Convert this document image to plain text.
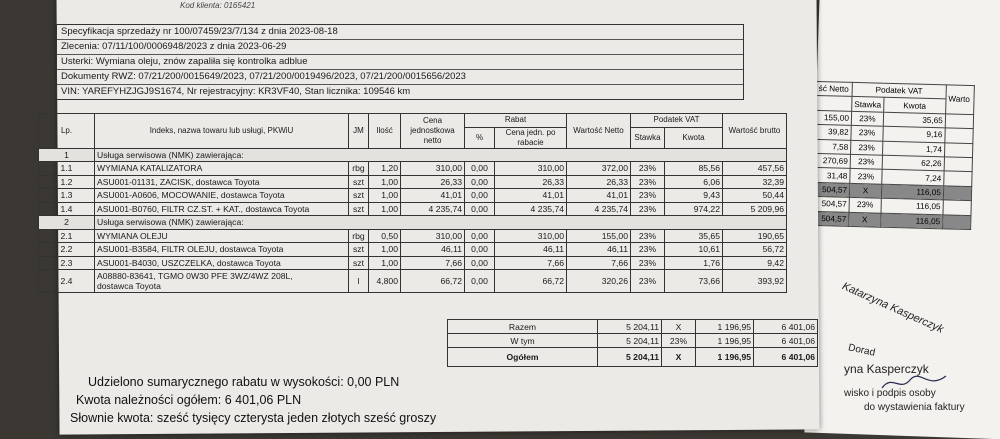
ść Netto	Podatek VAT		Warto
	Stawka	Kwota	
155,00	23%	35,65	
39,82	23%	9,16	
7,58	23%	1,74	
270,69	23%	62,26	
31,48	23%	7,24	
504,57	X	116,05	
504,57	23%	116,05	
504,57	X	116,05	
Katarzyna Kasperczyk
Dorad
yna Kasperczyk
wisko i podpis osoby
do wystawienia faktury
Kod klienta: 0165421
Specyfikacja sprzedaży nr 100/07459/23/7/134 z dnia 2023-08-18
Zlecenia: 07/11/100/0006948/2023 z dnia 2023-06-29
Usterki: Wymiana oleju, znów zapaliła się kontrolka adblue
Dokumenty RWZ: 07/21/200/0015649/2023, 07/21/200/0019496/2023, 07/21/200/0015656/2023
VIN: YAREFYHZJGJ9S1674, Nr rejestracyjny: KR3VF40, Stan licznika: 109546 km
Lp.	Indeks, nazwa towaru lub usługi, PKWiU	JM	Ilość	Cena jednostkowa netto	Rabat		Wartość Netto	Podatek VAT		Wartość brutto
					%	Cena jedn. po rabacie		Stawka	Kwota	
1	Usługa serwisowa (NMK) zawierająca:									
1.1	WYMIANA KATALIZATORA	rbg	1,20	310,00	0,00	310,00	372,00	23%	85,56	457,56
1.2	ASU001-01131, ZACISK, dostawca Toyota	szt	1,00	26,33	0,00	26,33	26,33	23%	6,06	32,39
1.3	ASU001-A0606, MOCOWANIE, dostawca Toyota	szt	1,00	41,01	0,00	41,01	41,01	23%	9,43	50,44
1.4	ASU001-B0760, FILTR CZ.ST. + KAT., dostawca Toyota	szt	1,00	4 235,74	0,00	4 235,74	4 235,74	23%	974,22	5 209,96
2	Usługa serwisowa (NMK) zawierająca:									
2.1	WYMIANA OLEJU	rbg	0,50	310,00	0,00	310,00	155,00	23%	35,65	190,65
2.2	ASU001-B3584, FILTR OLEJU, dostawca Toyota	szt	1,00	46,11	0,00	46,11	46,11	23%	10,61	56,72
2.3	ASU001-B4030, USZCZELKA, dostawca Toyota	szt	1,00	7,66	0,00	7,66	7,66	23%	1,76	9,42
2.4	A08880-83641, TGMO 0W30 PFE 3WZ/4WZ 208L,
dostawca Toyota	l	4,800	66,72	0,00	66,72	320,26	23%	73,66	393,92
Razem	5 204,11	X	1 196,95	6 401,06
W tym	5 204,11	23%	1 196,95	6 401,06
Ogółem	5 204,11	X	1 196,95	6 401,06
Udzielono sumarycznego rabatu w wysokości: 0,00 PLN
Kwota należności ogółem: 6 401,06 PLN
Słownie kwota: sześć tysięcy czterysta jeden złotych sześć groszy
